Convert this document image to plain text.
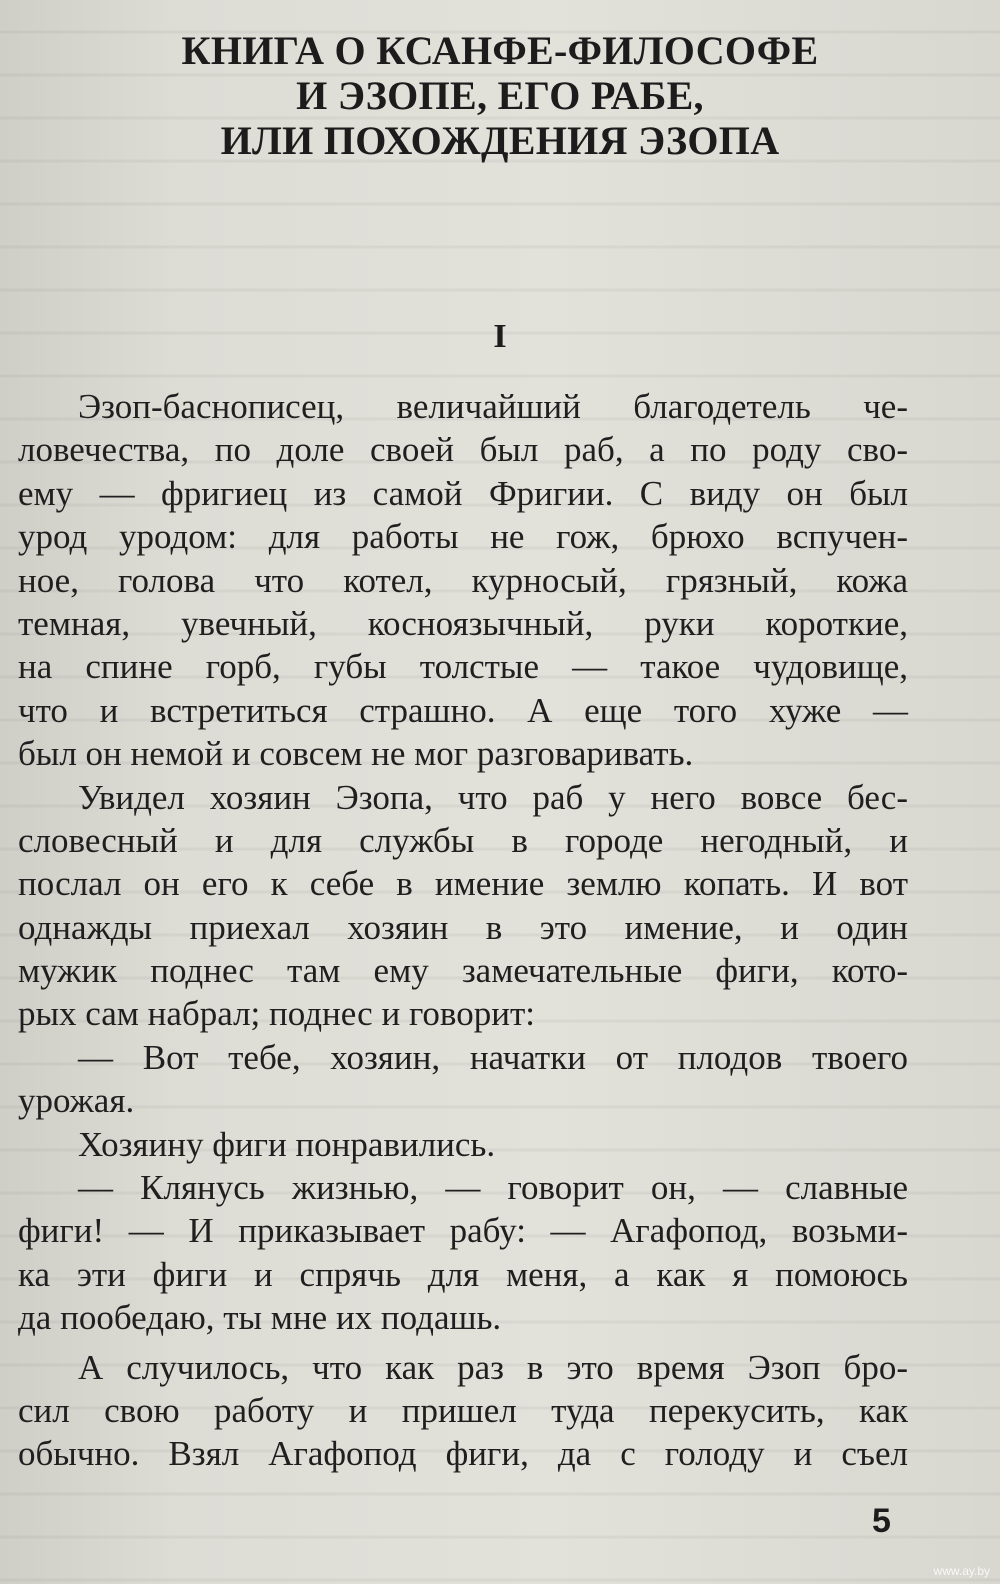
КНИГА О КСАНФЕ-ФИЛОСОФЕ
И ЭЗОПЕ, ЕГО РАБЕ,
ИЛИ ПОХОЖДЕНИЯ ЭЗОПА
I
Эзоп-баснописец, величайший благодетель че-
ловечества, по доле своей был раб, а по роду сво-
ему — фригиец из самой Фригии. С виду он был
урод уродом: для работы не гож, брюхо вспучен-
ное, голова что котел, курносый, грязный, кожа
темная, увечный, косноязычный, руки короткие,
на спине горб, губы толстые — такое чудовище,
что и встретиться страшно. А еще того хуже —
был он немой и совсем не мог разговаривать.
Увидел хозяин Эзопа, что раб у него вовсе бес-
словесный и для службы в городе негодный, и
послал он его к себе в имение землю копать. И вот
однажды приехал хозяин в это имение, и один
мужик поднес там ему замечательные фиги, кото-
рых сам набрал; поднес и говорит:
— Вот тебе, хозяин, начатки от плодов твоего
урожая.
Хозяину фиги понравились.
— Клянусь жизнью, — говорит он, — славные
фиги! — И приказывает рабу: — Агафопод, возьми-
ка эти фиги и спрячь для меня, а как я помоюсь
да пообедаю, ты мне их подашь.
А случилось, что как раз в это время Эзоп бро-
сил свою работу и пришел туда перекусить, как
обычно. Взял Агафопод фиги, да с голоду и съел
5
www.ay.by
